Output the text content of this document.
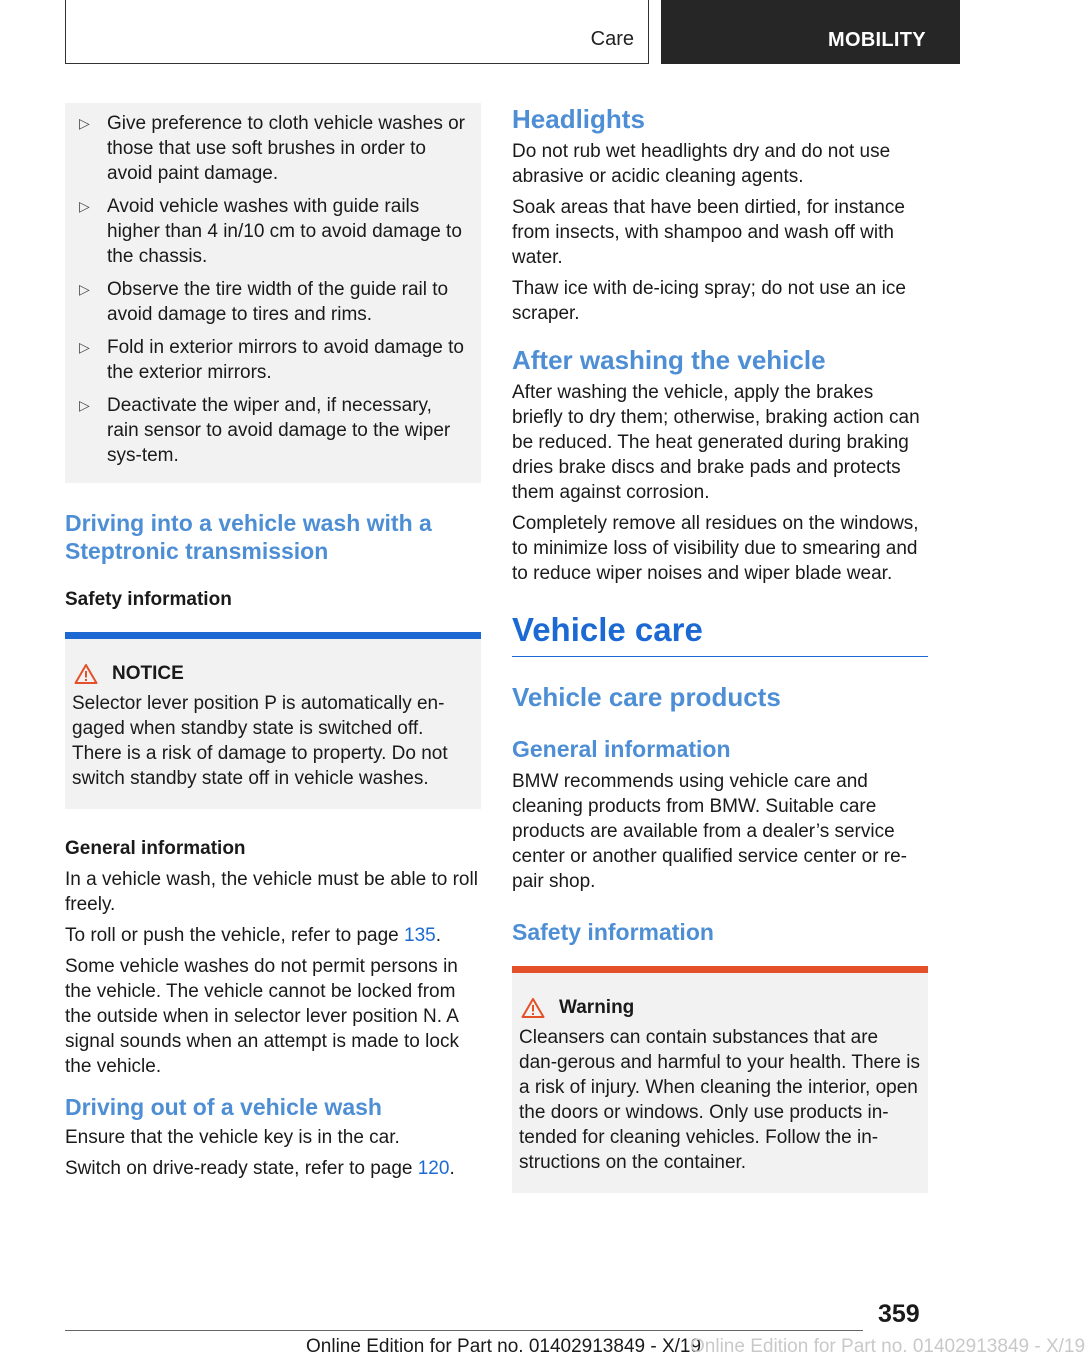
Care	MOBILITY
▷ Give preference to cloth vehicle washes or those that use soft brushes in order to avoid paint damage.
▷ Avoid vehicle washes with guide rails higher than 4 in/10 cm to avoid damage to the chassis.
▷ Observe the tire width of the guide rail to avoid damage to tires and rims.
▷ Fold in exterior mirrors to avoid damage to the exterior mirrors.
▷ Deactivate the wiper and, if necessary, rain sensor to avoid damage to the wiper sys‐tem.
Driving into a vehicle wash with a Steptronic transmission
Safety information
NOTICE
Selector lever position P is automatically en‐gaged when standby state is switched off. There is a risk of damage to property. Do not switch standby state off in vehicle washes.
General information
In a vehicle wash, the vehicle must be able to roll freely.
To roll or push the vehicle, refer to page 135.
Some vehicle washes do not permit persons in the vehicle. The vehicle cannot be locked from the outside when in selector lever position N. A signal sounds when an attempt is made to lock the vehicle.
Driving out of a vehicle wash
Ensure that the vehicle key is in the car.
Switch on drive-ready state, refer to page 120.
Headlights
Do not rub wet headlights dry and do not use abrasive or acidic cleaning agents.
Soak areas that have been dirtied, for instance from insects, with shampoo and wash off with water.
Thaw ice with de-icing spray; do not use an ice scraper.
After washing the vehicle
After washing the vehicle, apply the brakes briefly to dry them; otherwise, braking action can be reduced. The heat generated during braking dries brake discs and brake pads and protects them against corrosion.
Completely remove all residues on the windows, to minimize loss of visibility due to smearing and to reduce wiper noises and wiper blade wear.
Vehicle care
Vehicle care products
General information
BMW recommends using vehicle care and cleaning products from BMW. Suitable care products are available from a dealer’s service center or another qualified service center or re‐pair shop.
Safety information
Warning
Cleansers can contain substances that are dan‐gerous and harmful to your health. There is a risk of injury. When cleaning the interior, open the doors or windows. Only use products in‐tended for cleaning vehicles. Follow the in‐structions on the container.
359
Online Edition for Part no. 01402913849 - X/19
Online Edition for Part no. 01402913849 - X/19
